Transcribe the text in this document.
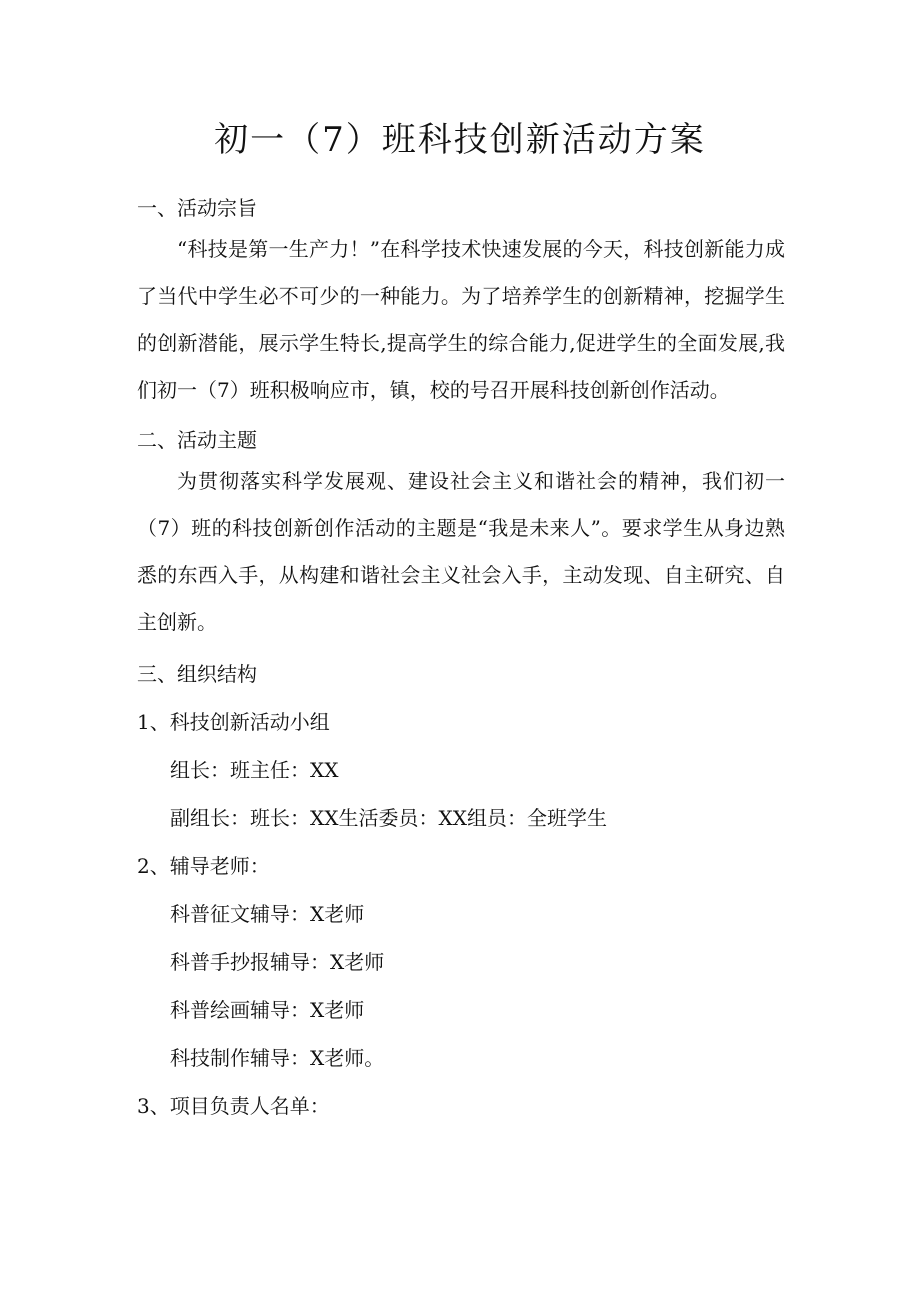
初一（7）班科技创新活动方案
一、活动宗旨
“科技是第一生产力！”在科学技术快速发展的今天，科技创新能力成了当代中学生必不可少的一种能力。为了培养学生的创新精神，挖掘学生的创新潜能，展示学生特长,提高学生的综合能力,促进学生的全面发展,我们初一（7）班积极响应市，镇，校的号召开展科技创新创作活动。
二、活动主题
为贯彻落实科学发展观、建设社会主义和谐社会的精神，我们初一（7）班的科技创新创作活动的主题是“我是未来人”。要求学生从身边熟悉的东西入手，从构建和谐社会主义社会入手，主动发现、自主研究、自主创新。
三、组织结构
1、科技创新活动小组
组长：班主任：XX
副组长：班长：XX生活委员：XX组员：全班学生
2、辅导老师：
科普征文辅导：X老师
科普手抄报辅导：X老师
科普绘画辅导：X老师
科技制作辅导：X老师。
3、项目负责人名单：
